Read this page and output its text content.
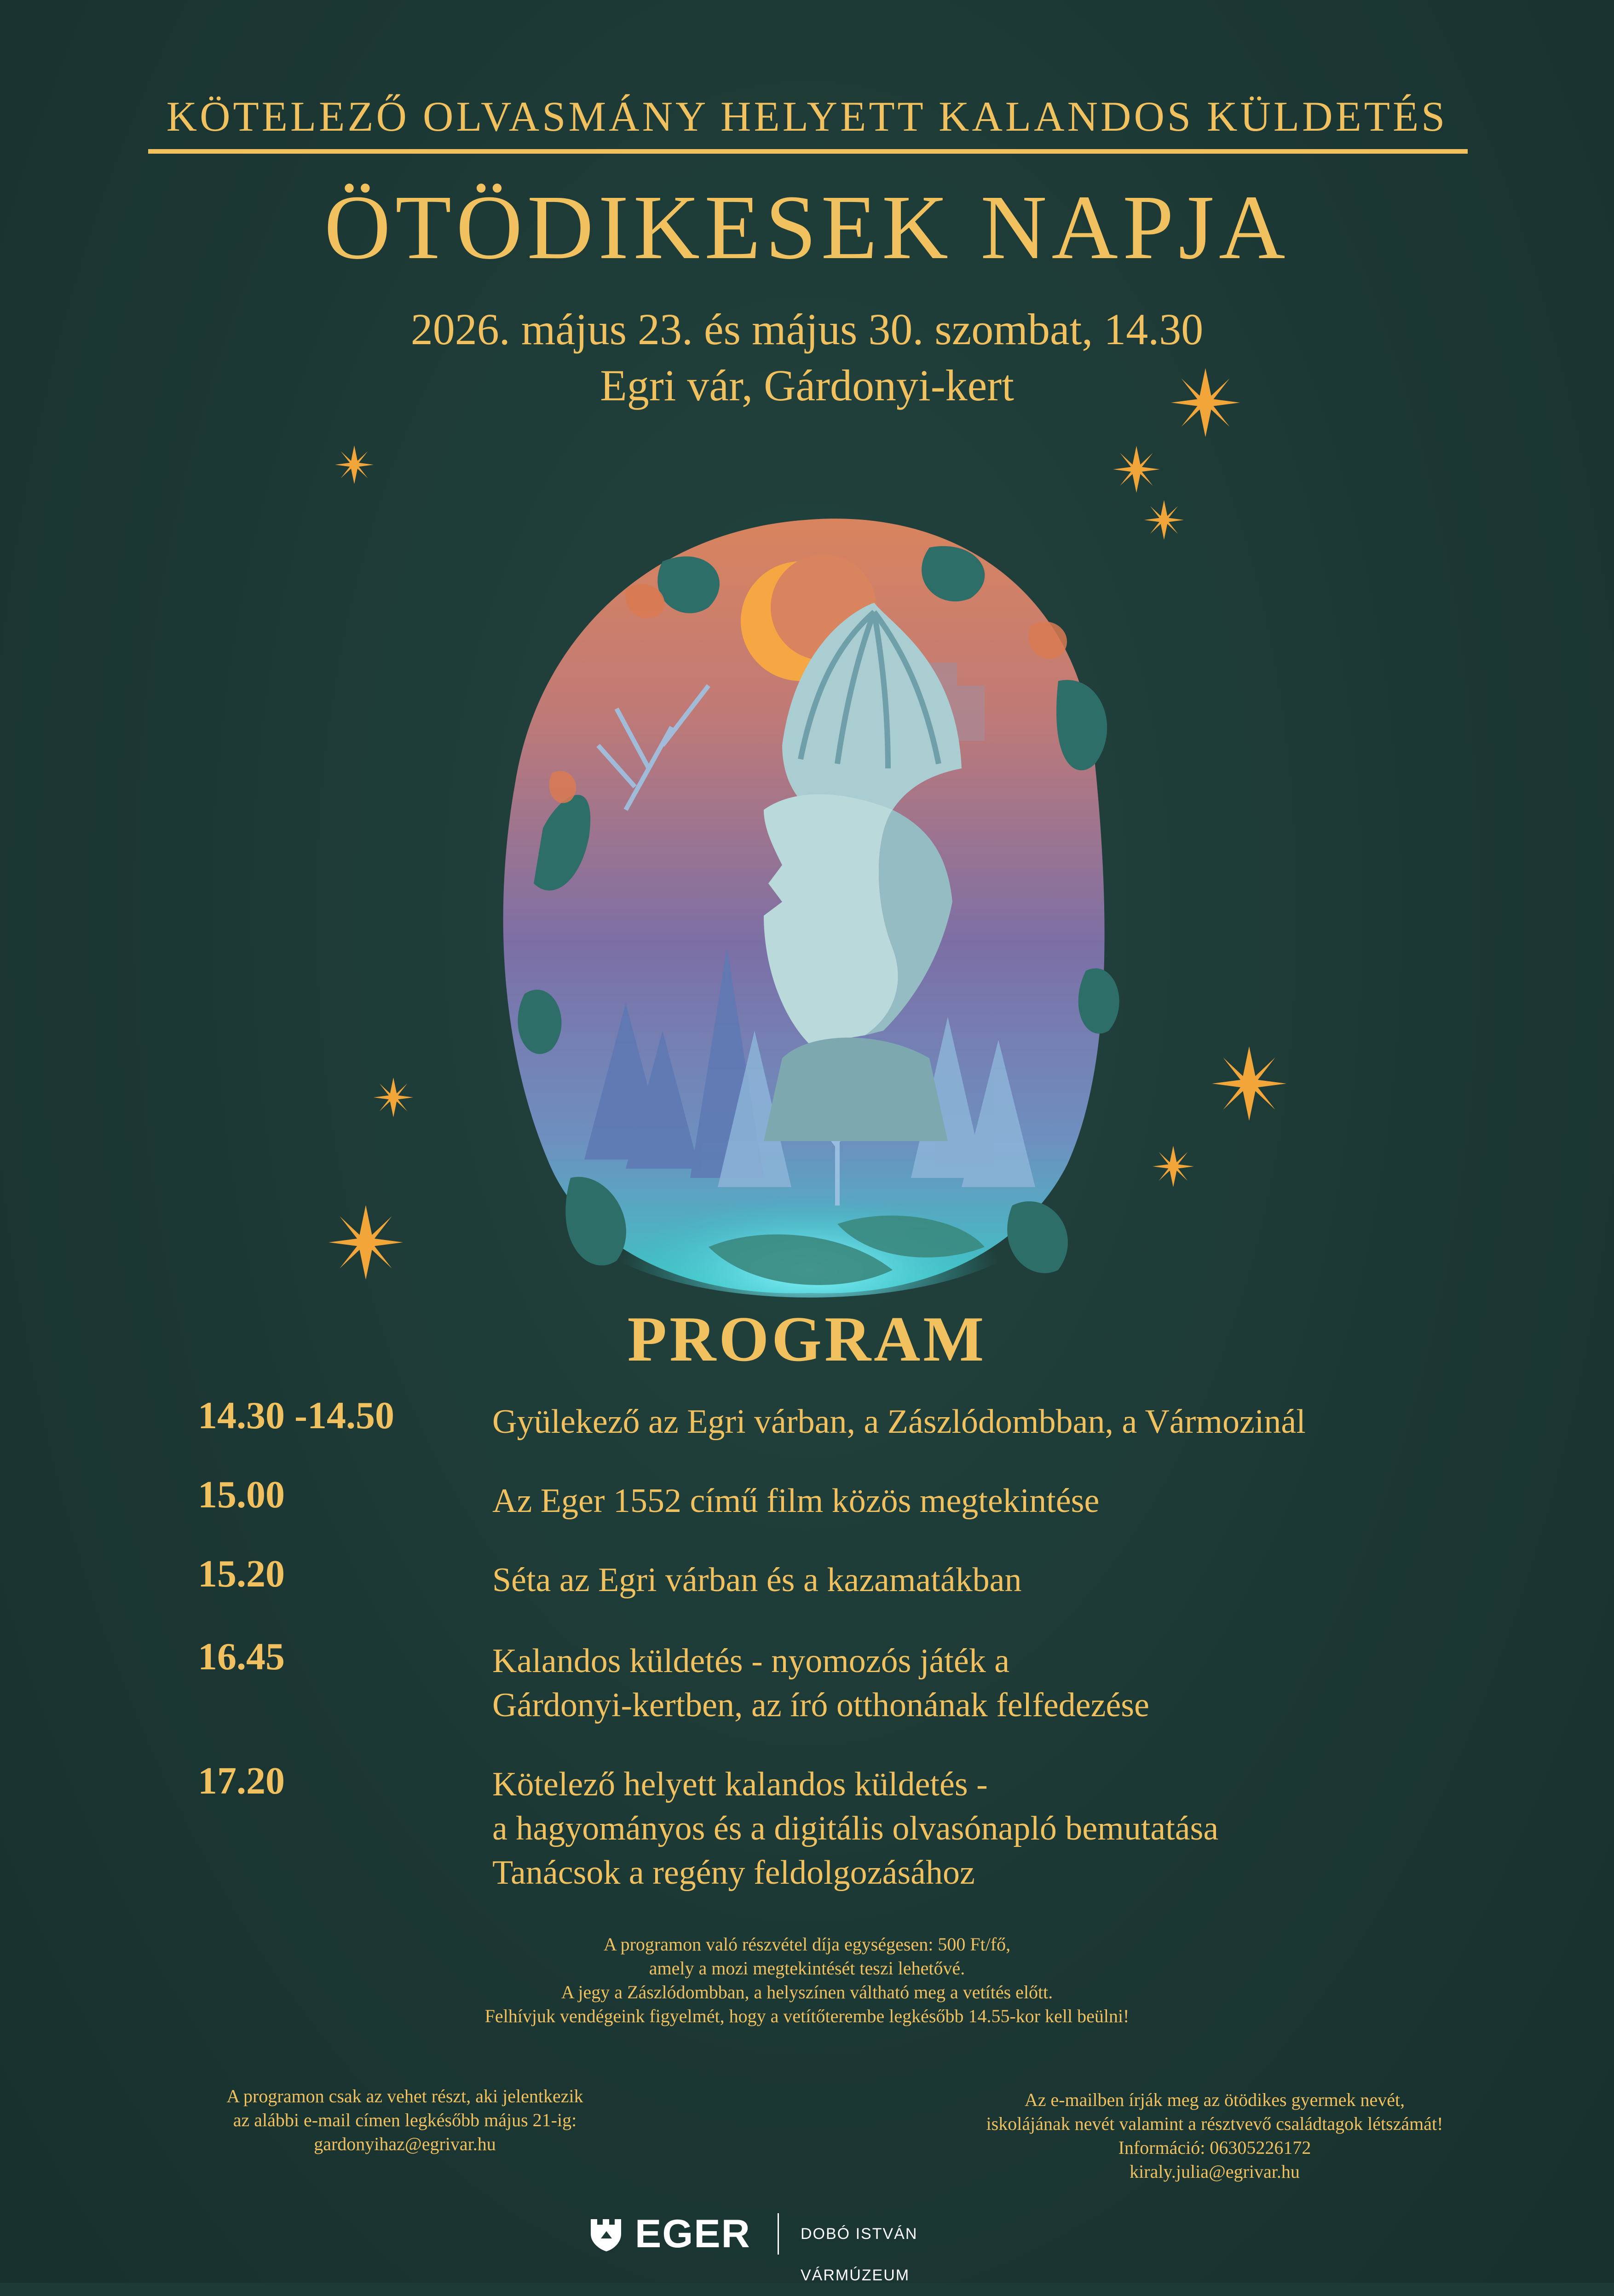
KÖTELEZŐ OLVASMÁNY HELYETT KALANDOS KÜLDETÉS
ÖTÖDIKESEK NAPJA
2026. május 23. és május 30. szombat, 14.30
Egri vár, Gárdonyi-kert
PROGRAM
14.30 -14.50	Gyülekező az Egri várban, a Zászlódombban, a Vármozinál
15.00	Az Eger 1552 című film közös megtekintése
15.20	Séta az Egri várban és a kazamatákban
16.45	Kalandos küldetés - nyomozós játék a
Gárdonyi-kertben, az író otthonának felfedezése
17.20	Kötelező helyett kalandos küldetés -
a hagyományos és a digitális olvasónapló bemutatása
Tanácsok a regény feldolgozásához
A programon való részvétel díja egységesen: 500 Ft/fő,
amely a mozi megtekintését teszi lehetővé.
A jegy a Zászlódombban, a helyszínen váltható meg a vetítés előtt.
Felhívjuk vendégeink figyelmét, hogy a vetítőterembe legkésőbb 14.55-kor kell beülni!
A programon csak az vehet részt, aki jelentkezik
az alábbi e-mail címen legkésőbb május 21-ig:
gardonyihaz@egrivar.hu
Az e-mailben írják meg az ötödikes gyermek nevét,
iskolájának nevét valamint a résztvevő családtagok létszámát!
Információ: 06305226172
kiraly.julia@egrivar.hu
EGER	DOBÓ ISTVÁN VÁRMÚZEUM
